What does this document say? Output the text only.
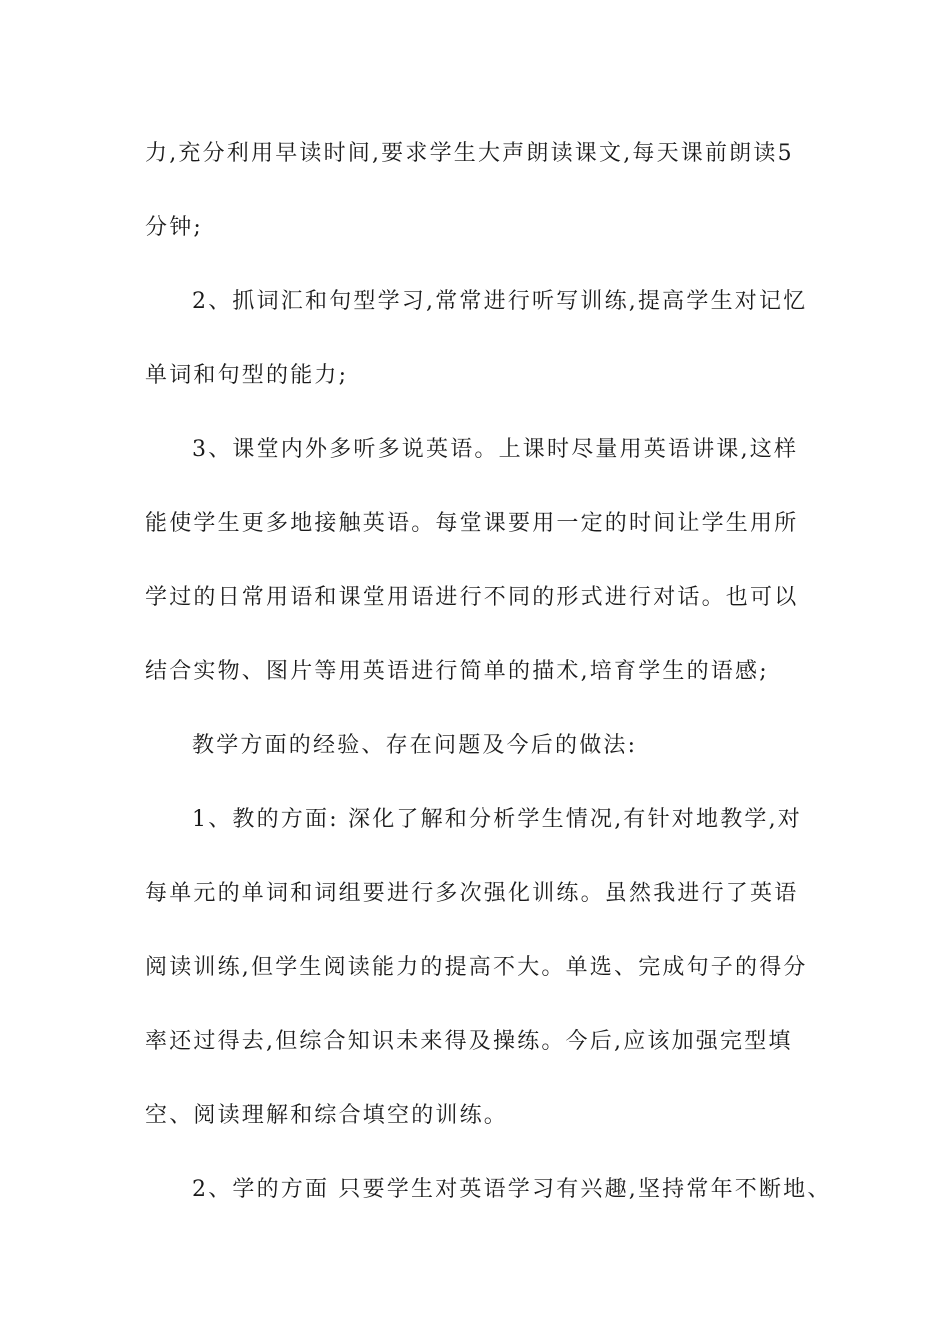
力,充分利用早读时间,要求学生大声朗读课文,每天课前朗读5

分钟;

2、抓词汇和句型学习,常常进行听写训练,提高学生对记忆

单词和句型的能力;

3、课堂内外多听多说英语。上课时尽量用英语讲课,这样

能使学生更多地接触英语。每堂课要用一定的时间让学生用所

学过的日常用语和课堂用语进行不同的形式进行对话。也可以

结合实物、图片等用英语进行简单的描术,培育学生的语感;

教学方面的经验、存在问题及今后的做法:

1、教的方面: 深化了解和分析学生情况,有针对地教学,对

每单元的单词和词组要进行多次强化训练。虽然我进行了英语

阅读训练,但学生阅读能力的提高不大。单选、完成句子的得分

率还过得去,但综合知识未来得及操练。今后,应该加强完型填

空、阅读理解和综合填空的训练。

2、学的方面 只要学生对英语学习有兴趣,坚持常年不断地、
